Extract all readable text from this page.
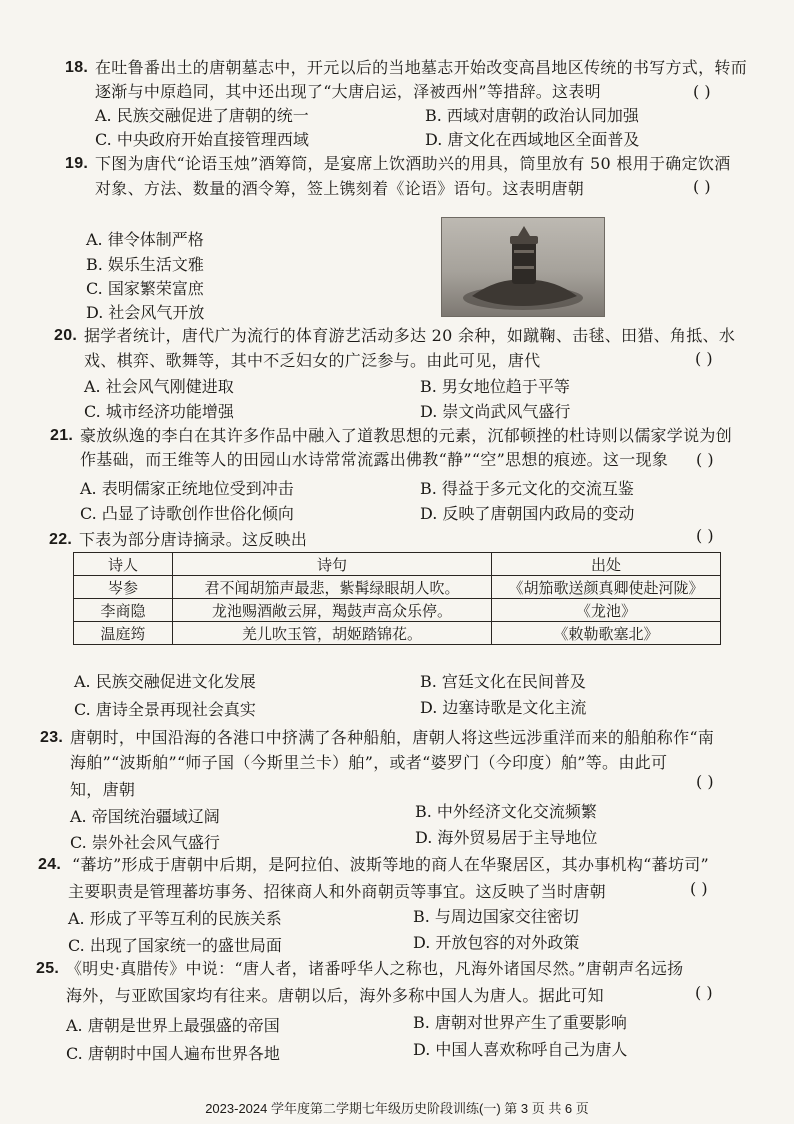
18. 在吐鲁番出土的唐朝墓志中，开元以后的当地墓志开始改变高昌地区传统的书写方式，转而
逐渐与中原趋同，其中还出现了“大唐启运，泽被西州”等措辞。这表明	( )
A. 民族交融促进了唐朝的统一	B. 西域对唐朝的政治认同加强
C. 中央政府开始直接管理西域	D. 唐文化在西域地区全面普及
19. 下图为唐代“论语玉烛”酒筹筒，是宴席上饮酒助兴的用具，筒里放有 50 根用于确定饮酒
对象、方法、数量的酒令筹，签上镌刻着《论语》语句。这表明唐朝	( )
A. 律令体制严格
B. 娱乐生活文雅
C. 国家繁荣富庶
D. 社会风气开放
20. 据学者统计，唐代广为流行的体育游艺活动多达 20 余种，如蹴鞠、击毬、田猎、角抵、水
戏、棋弈、歌舞等，其中不乏妇女的广泛参与。由此可见，唐代	( )
A. 社会风气刚健进取	B. 男女地位趋于平等
C. 城市经济功能增强	D. 崇文尚武风气盛行
21. 豪放纵逸的李白在其许多作品中融入了道教思想的元素，沉郁顿挫的杜诗则以儒家学说为创
作基础，而王维等人的田园山水诗常常流露出佛教“静”“空”思想的痕迹。这一现象 ( )
A. 表明儒家正统地位受到冲击	B. 得益于多元文化的交流互鉴
C. 凸显了诗歌创作世俗化倾向	D. 反映了唐朝国内政局的变动
22. 下表为部分唐诗摘录。这反映出	( )
诗人	诗句	出处
岑参	君不闻胡笳声最悲，紫髯绿眼胡人吹。	《胡笳歌送颜真卿使赴河陇》
李商隐	龙池赐酒敞云屏，羯鼓声高众乐停。	《龙池》
温庭筠	羌儿吹玉管，胡姬踏锦花。	《敕勒歌塞北》
A. 民族交融促进文化发展	B. 宫廷文化在民间普及
C. 唐诗全景再现社会真实	D. 边塞诗歌是文化主流
23. 唐朝时，中国沿海的各港口中挤满了各种船舶，唐朝人将这些远涉重洋而来的船舶称作“南
海舶”“波斯舶”“师子国（今斯里兰卡）舶”，或者“婆罗门（今印度）舶”等。由此可
知，唐朝	( )
A. 帝国统治疆域辽阔	B. 中外经济文化交流频繁
C. 崇外社会风气盛行	D. 海外贸易居于主导地位
24. “蕃坊”形成于唐朝中后期，是阿拉伯、波斯等地的商人在华聚居区，其办事机构“蕃坊司”
主要职责是管理蕃坊事务、招徕商人和外商朝贡等事宜。这反映了当时唐朝	( )
A. 形成了平等互利的民族关系	B. 与周边国家交往密切
C. 出现了国家统一的盛世局面	D. 开放包容的对外政策
25. 《明史·真腊传》中说：“唐人者，诸番呼华人之称也，凡海外诸国尽然。”唐朝声名远扬
海外，与亚欧国家均有往来。唐朝以后，海外多称中国人为唐人。据此可知	( )
A. 唐朝是世界上最强盛的帝国	B. 唐朝对世界产生了重要影响
C. 唐朝时中国人遍布世界各地	D. 中国人喜欢称呼自己为唐人
2023-2024 学年度第二学期七年级历史阶段训练(一) 第 3 页 共 6 页
